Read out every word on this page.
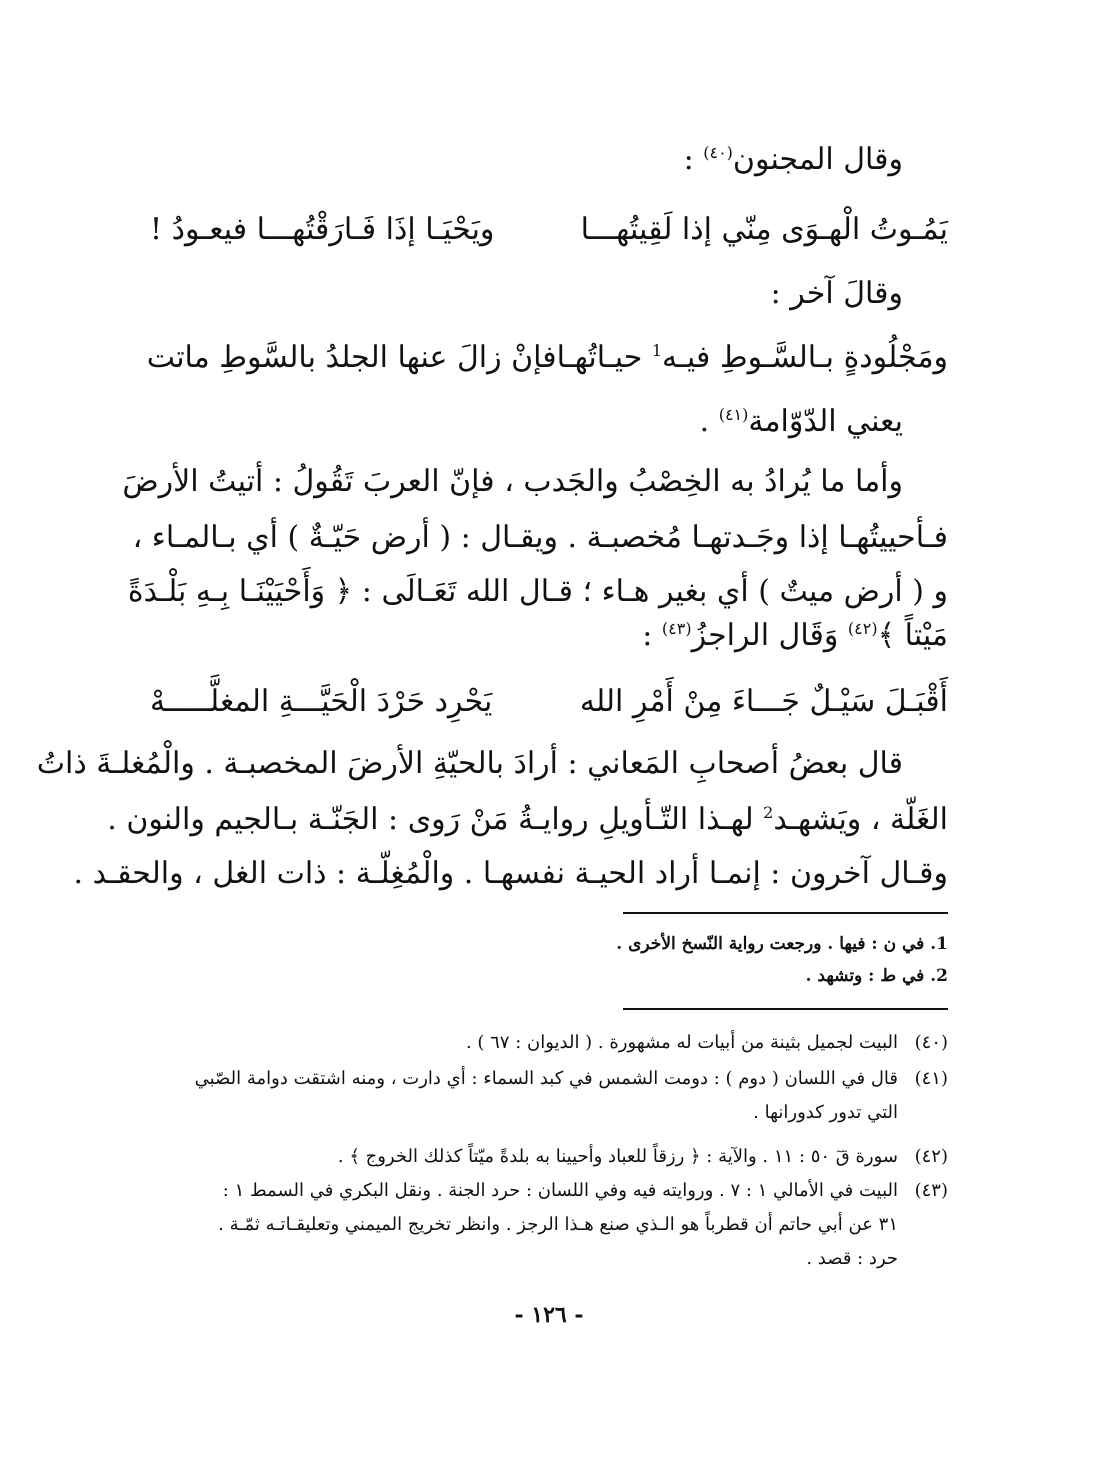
وقال المجنون$^{(٤٠)}$ :
يَمُـوتُ الْهـوَى مِنّي إذا لَقِيتُهـــا
ويَحْيَـا إذَا فَـارَقْتُهـــا فيعـودُ !
وقالَ آخر :
ومَجْلُودةٍ بـالسَّـوطِ فيـه$^1$ حيـاتُهـا
فإنْ زالَ عنها الجلدُ بالسَّوطِ ماتت
يعني الدّوّامة$^{(٤١)}$ .
وأما ما يُرادُ به الخِصْبُ والجَدب ، فإنّ العربَ تَقُولُ : أتيتُ الأرضَ
فـأحييتُهـا إذا وجَـدتهـا مُخصبـة . ويقـال : ( أرض حَيّـةٌ ) أي بـالمـاء ،
و ( أرض ميتٌ ) أي بغير هـاء ؛ قـال الله تَعَـالَى : ﴿ وَأَحْيَيْنَـا بِـهِ بَلْـدَةً
مَيْتاً ﴾$^{(٤٢)}$ وَقَال الراجزُ$^{(٤٣)}$ :
أَقْبَـلَ سَيْـلٌ جَـــاءَ مِنْ أَمْرِ الله
يَحْرِد حَرْدَ الْحَيَّـــةِ المغلَّـــــهْ
قال بعضُ أصحابِ المَعاني : أرادَ بالحيّةِ الأرضَ المخصبـة . والْمُغلـةَ ذاتُ
الغَلّة ، ويَشهـد$^2$ لهـذا التّـأويلِ روايـةُ مَنْ رَوى : الجَنّـة بـالجيم والنون .
وقـال آخرون : إنمـا أراد الحيـة نفسهـا . والْمُغِلّـة : ذات الغل ، والحقـد .
1. في ن : فيها . ورجعت رواية النّسخ الأخرى .
2. في ط : وتشهد .
(٤٠)
البيت لجميل بثينة من أبيات له مشهورة . ( الديوان : ٦٧ ) .
(٤١)
قال في اللسان ( دوم ) : دومت الشمس في كبد السماء : أي دارت ، ومنه اشتقت دوامة الصّبي
التي تدور كدورانها .
(٤٢)
سورة قٓ ٥٠ : ١١ . والآية : ﴿ رزقاً للعباد وأحيينا به بلدةً ميّتاً كذلك الخروج ﴾ .
(٤٣)
البيت في الأمالي ١ : ٧ . وروايته فيه وفي اللسان : حرد الجنة . ونقل البكري في السمط ١ :
٣١ عن أبي حاتم أن قطرباً هو الـذي صنع هـذا الرجز . وانظر تخريج الميمني وتعليقـاتـه ثمّـة .
حرد : قصد .
- ١٢٦ -
